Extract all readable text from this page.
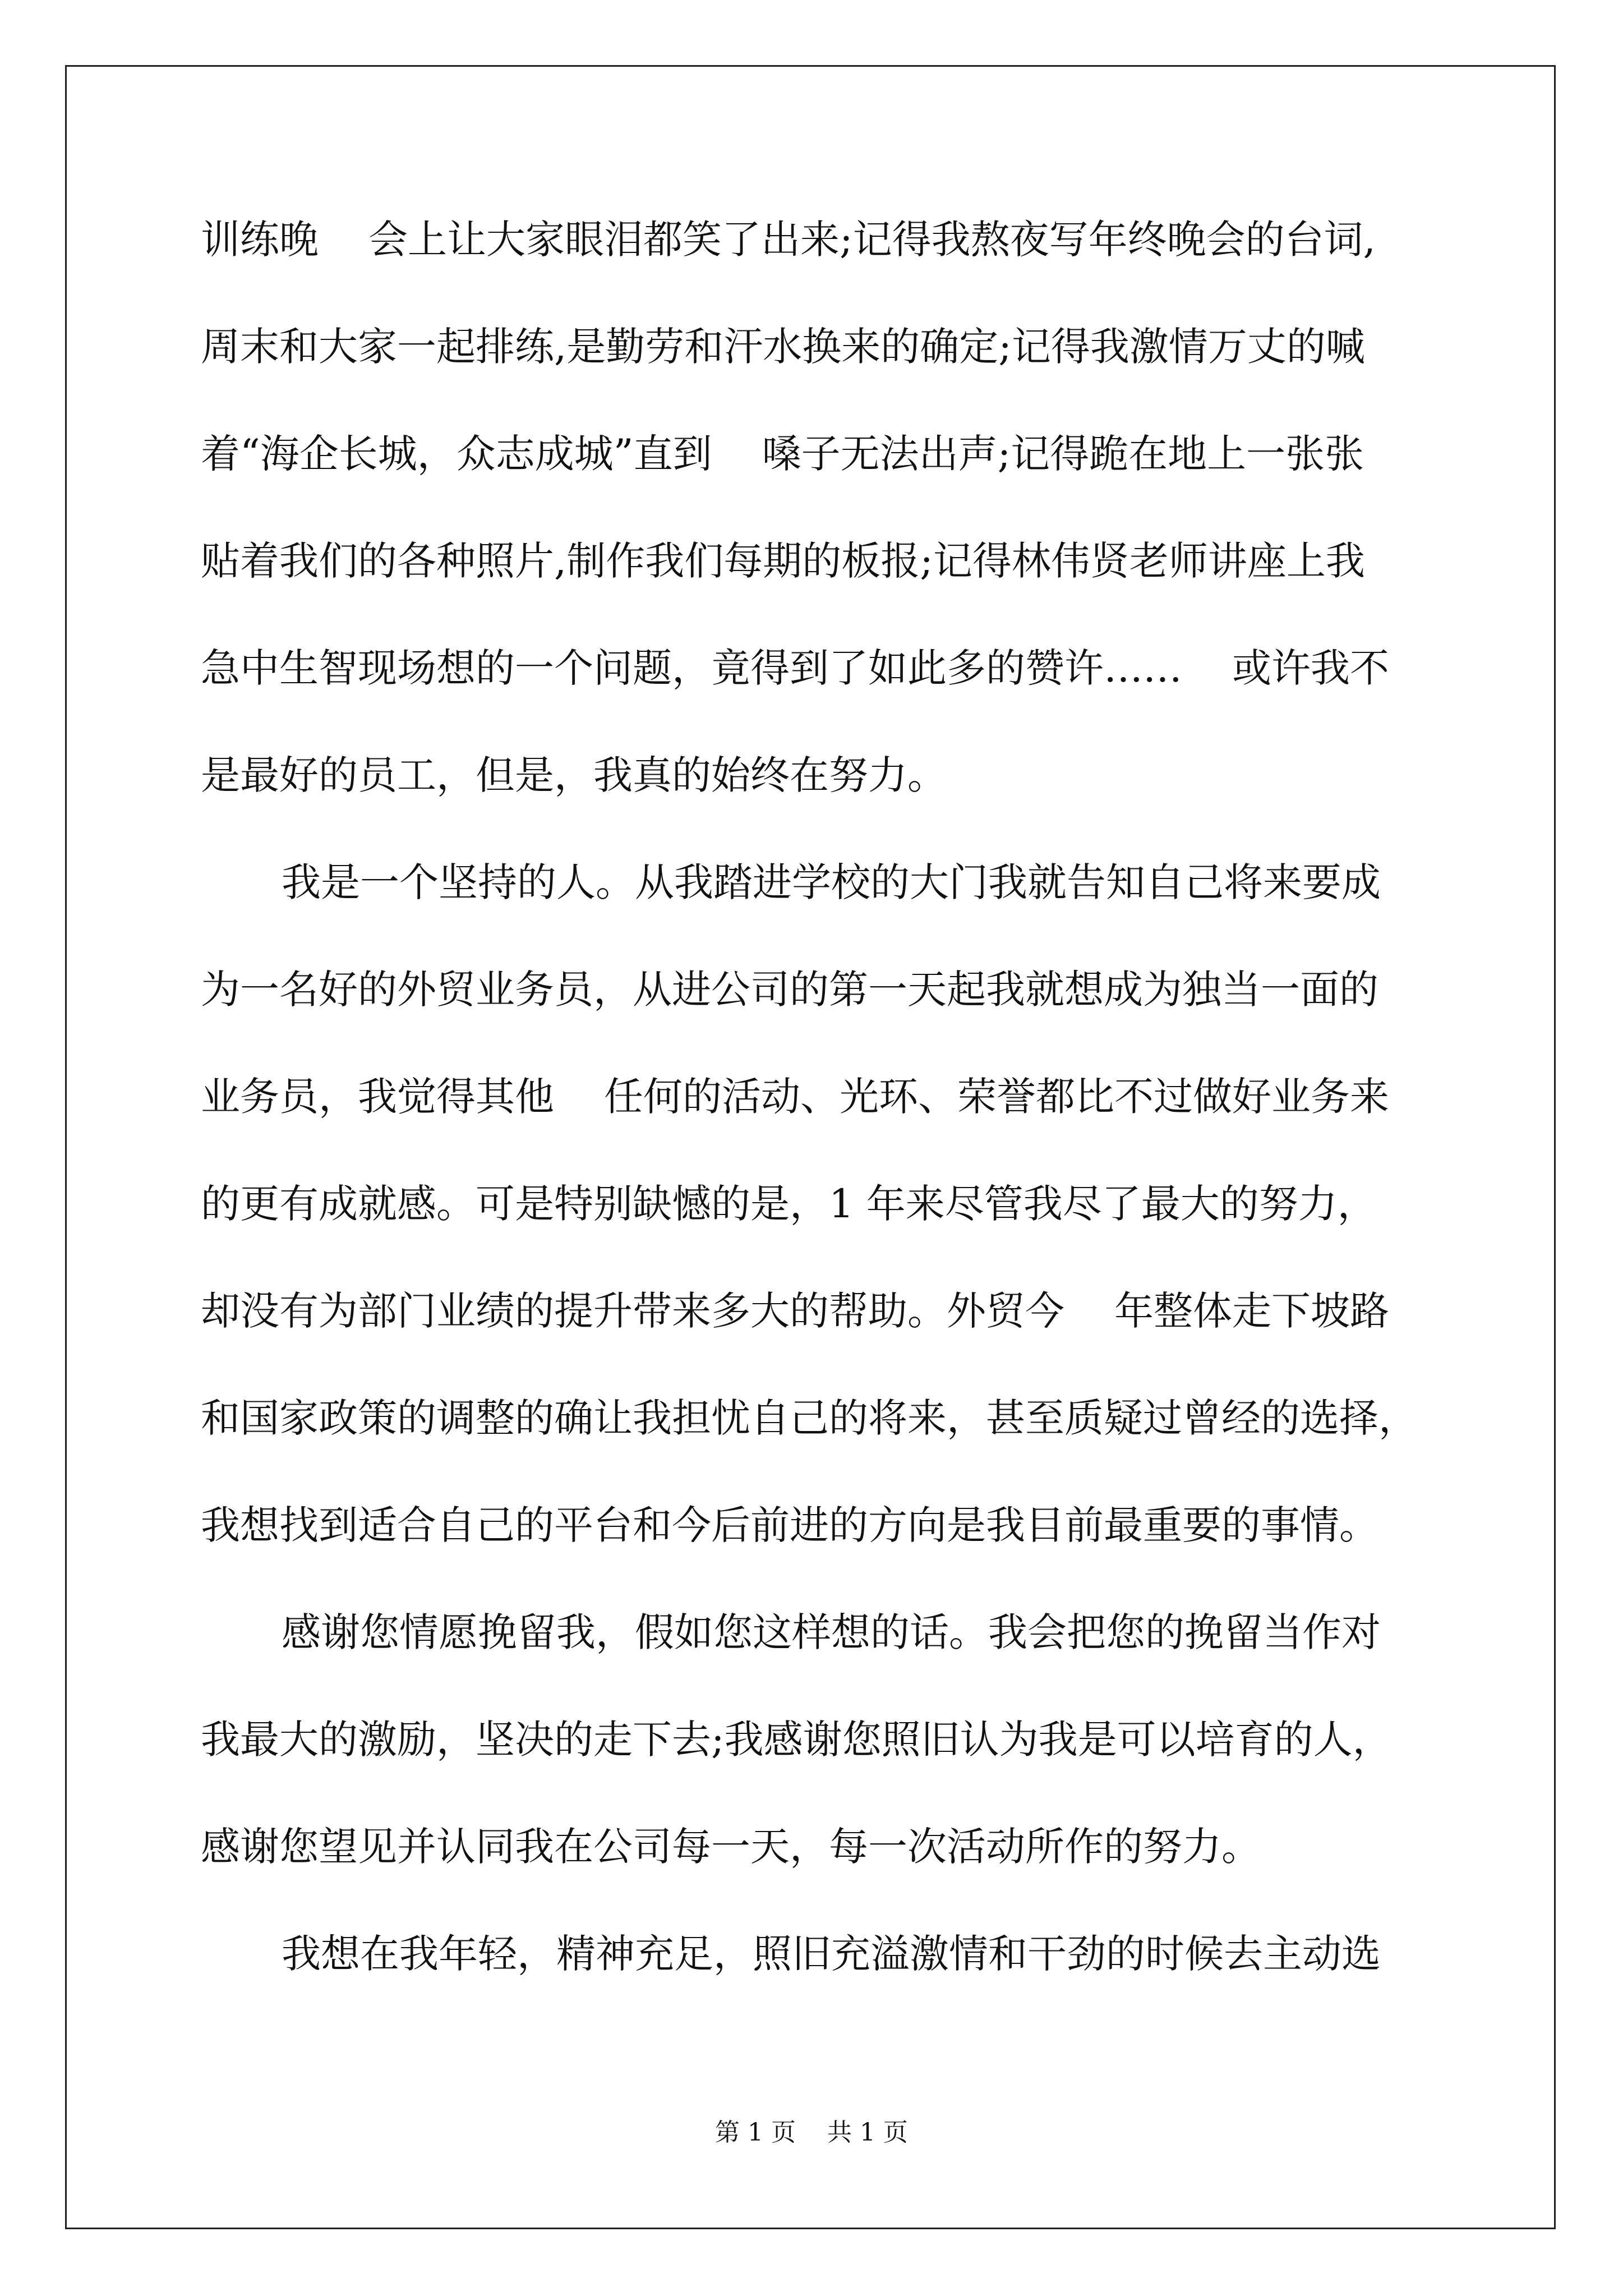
训练晚    会上让大家眼泪都笑了出来;记得我熬夜写年终晚会的台词,
周末和大家一起排练,是勤劳和汗水换来的确定;记得我激情万丈的喊
着“海企长城，众志成城”直到    嗓子无法出声;记得跪在地上一张张
贴着我们的各种照片,制作我们每期的板报;记得林伟贤老师讲座上我
急中生智现场想的一个问题，竟得到了如此多的赞许……    或许我不
是最好的员工，但是，我真的始终在努力。
我是一个坚持的人。从我踏进学校的大门我就告知自己将来要成
为一名好的外贸业务员，从进公司的第一天起我就想成为独当一面的
业务员，我觉得其他    任何的活动、光环、荣誉都比不过做好业务来
的更有成就感。可是特别缺憾的是，1 年来尽管我尽了最大的努力，
却没有为部门业绩的提升带来多大的帮助。外贸今    年整体走下坡路
和国家政策的调整的确让我担忧自己的将来，甚至质疑过曾经的选择，
我想找到适合自己的平台和今后前进的方向是我目前最重要的事情。
感谢您情愿挽留我，假如您这样想的话。我会把您的挽留当作对
我最大的激励，坚决的走下去;我感谢您照旧认为我是可以培育的人，
感谢您望见并认同我在公司每一天，每一次活动所作的努力。
我想在我年轻，精神充足，照旧充溢激情和干劲的时候去主动选
第 1 页    共 1 页
